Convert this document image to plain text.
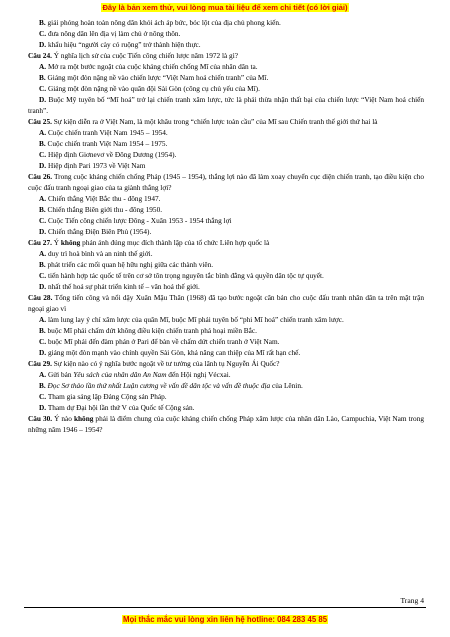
Đây là bản xem thử, vui lòng mua tài liệu để xem chi tiết (có lời giải)
B. giải phóng hoàn toàn nông dân khỏi ách áp bức, bóc lột của địa chủ phong kiến.
C. đưa nông dân lên địa vị làm chủ ở nông thôn.
D. khẩu hiệu “người cày có ruộng” trở thành hiện thực.
Câu 24. Ý nghĩa lịch sử của cuộc Tiến công chiến lược năm 1972 là gì?
A. Mở ra một bước ngoặt của cuộc kháng chiến chống Mĩ của nhân dân ta.
B. Giáng một đòn nặng nề vào chiến lược “Việt Nam hoá chiến tranh” của Mĩ.
C. Giáng một đòn nặng nề vào quân đội Sài Gòn (công cụ chủ yếu của Mĩ).
D. Buộc Mỹ tuyên bố “Mĩ hoá” trở lại chiến tranh xâm lược, tức là phải thừa nhận thất bại của chiến lược “Việt Nam hoá chiến tranh”.
Câu 25. Sự kiện diễn ra ở Việt Nam, là một khâu trong “chiến lược toàn cầu” của Mĩ sau Chiến tranh thế giới thứ hai là
A. Cuộc chiến tranh Việt Nam 1945 – 1954.
B. Cuộc chiến tranh Việt Nam 1954 – 1975.
C. Hiệp định Giơnevơ về Đông Dương (1954).
D. Hiệp định Pari 1973 về Việt Nam
Câu 26. Trong cuộc kháng chiến chống Pháp (1945 – 1954), thắng lợi nào đã làm xoay chuyển cục diện chiến tranh, tạo điều kiện cho cuộc đấu tranh ngoại giao của ta giành thắng lợi?
A. Chiến thắng Việt Bắc thu - đông 1947.
B. Chiến thắng Biên giới thu - đông 1950.
C. Cuộc Tiến công chiến lược Đông - Xuân 1953 - 1954 thắng lợi
D. Chiến thắng Điện Biên Phủ (1954).
Câu 27. Ý không phản ánh đúng mục đích thành lập của tổ chức Liên hợp quốc là
A. duy trì hoà bình và an ninh thế giới.
B. phát triển các mối quan hệ hữu nghị giữa các thành viên.
C. tiến hành hợp tác quốc tế trên cơ sở tôn trọng nguyên tắc bình đẳng và quyền dân tộc tự quyết.
D. nhất thế hoá sự phát triển kinh tế – văn hoá thế giới.
Câu 28. Tổng tiến công và nổi dậy Xuân Mậu Thân (1968) đã tạo bước ngoặt căn bản cho cuộc đấu tranh nhân dân ta trên mặt trận ngoại giao vì
A. làm lung lay ý chí xâm lược của quân Mĩ, buộc Mĩ phải tuyên bố “phi Mĩ hoá” chiến tranh xâm lược.
B. buộc Mĩ phải chấm dứt không điều kiện chiến tranh phá hoại miền Bắc.
C. buộc Mĩ phải đến đàm phán ở Pari để bàn về chấm dứt chiến tranh ở Việt Nam.
D. giáng một đòn mạnh vào chính quyền Sài Gòn, khả năng can thiệp của Mĩ rất hạn chế.
Câu 29. Sự kiện nào có ý nghĩa bước ngoặt về tư tưởng của lãnh tụ Nguyễn Ái Quốc?
A. Gửi bản Yêu sách của nhân dân An Nam đến Hội nghị Vécxai.
B. Đọc Sơ thảo lần thứ nhất Luận cương về vấn đề dân tộc và vấn đề thuộc địa của Lênin.
C. Tham gia sáng lập Đảng Cộng sản Pháp.
D. Tham dự Đại hội lần thứ V của Quốc tế Cộng sản.
Câu 30. Ý nào không phải là điểm chung của cuộc kháng chiến chống Pháp xâm lược của nhân dân Lào, Campuchia, Việt Nam trong những năm 1946 – 1954?
Trang 4
Mọi thắc mắc vui lòng xin liên hệ hotline: 084 283 45 85
